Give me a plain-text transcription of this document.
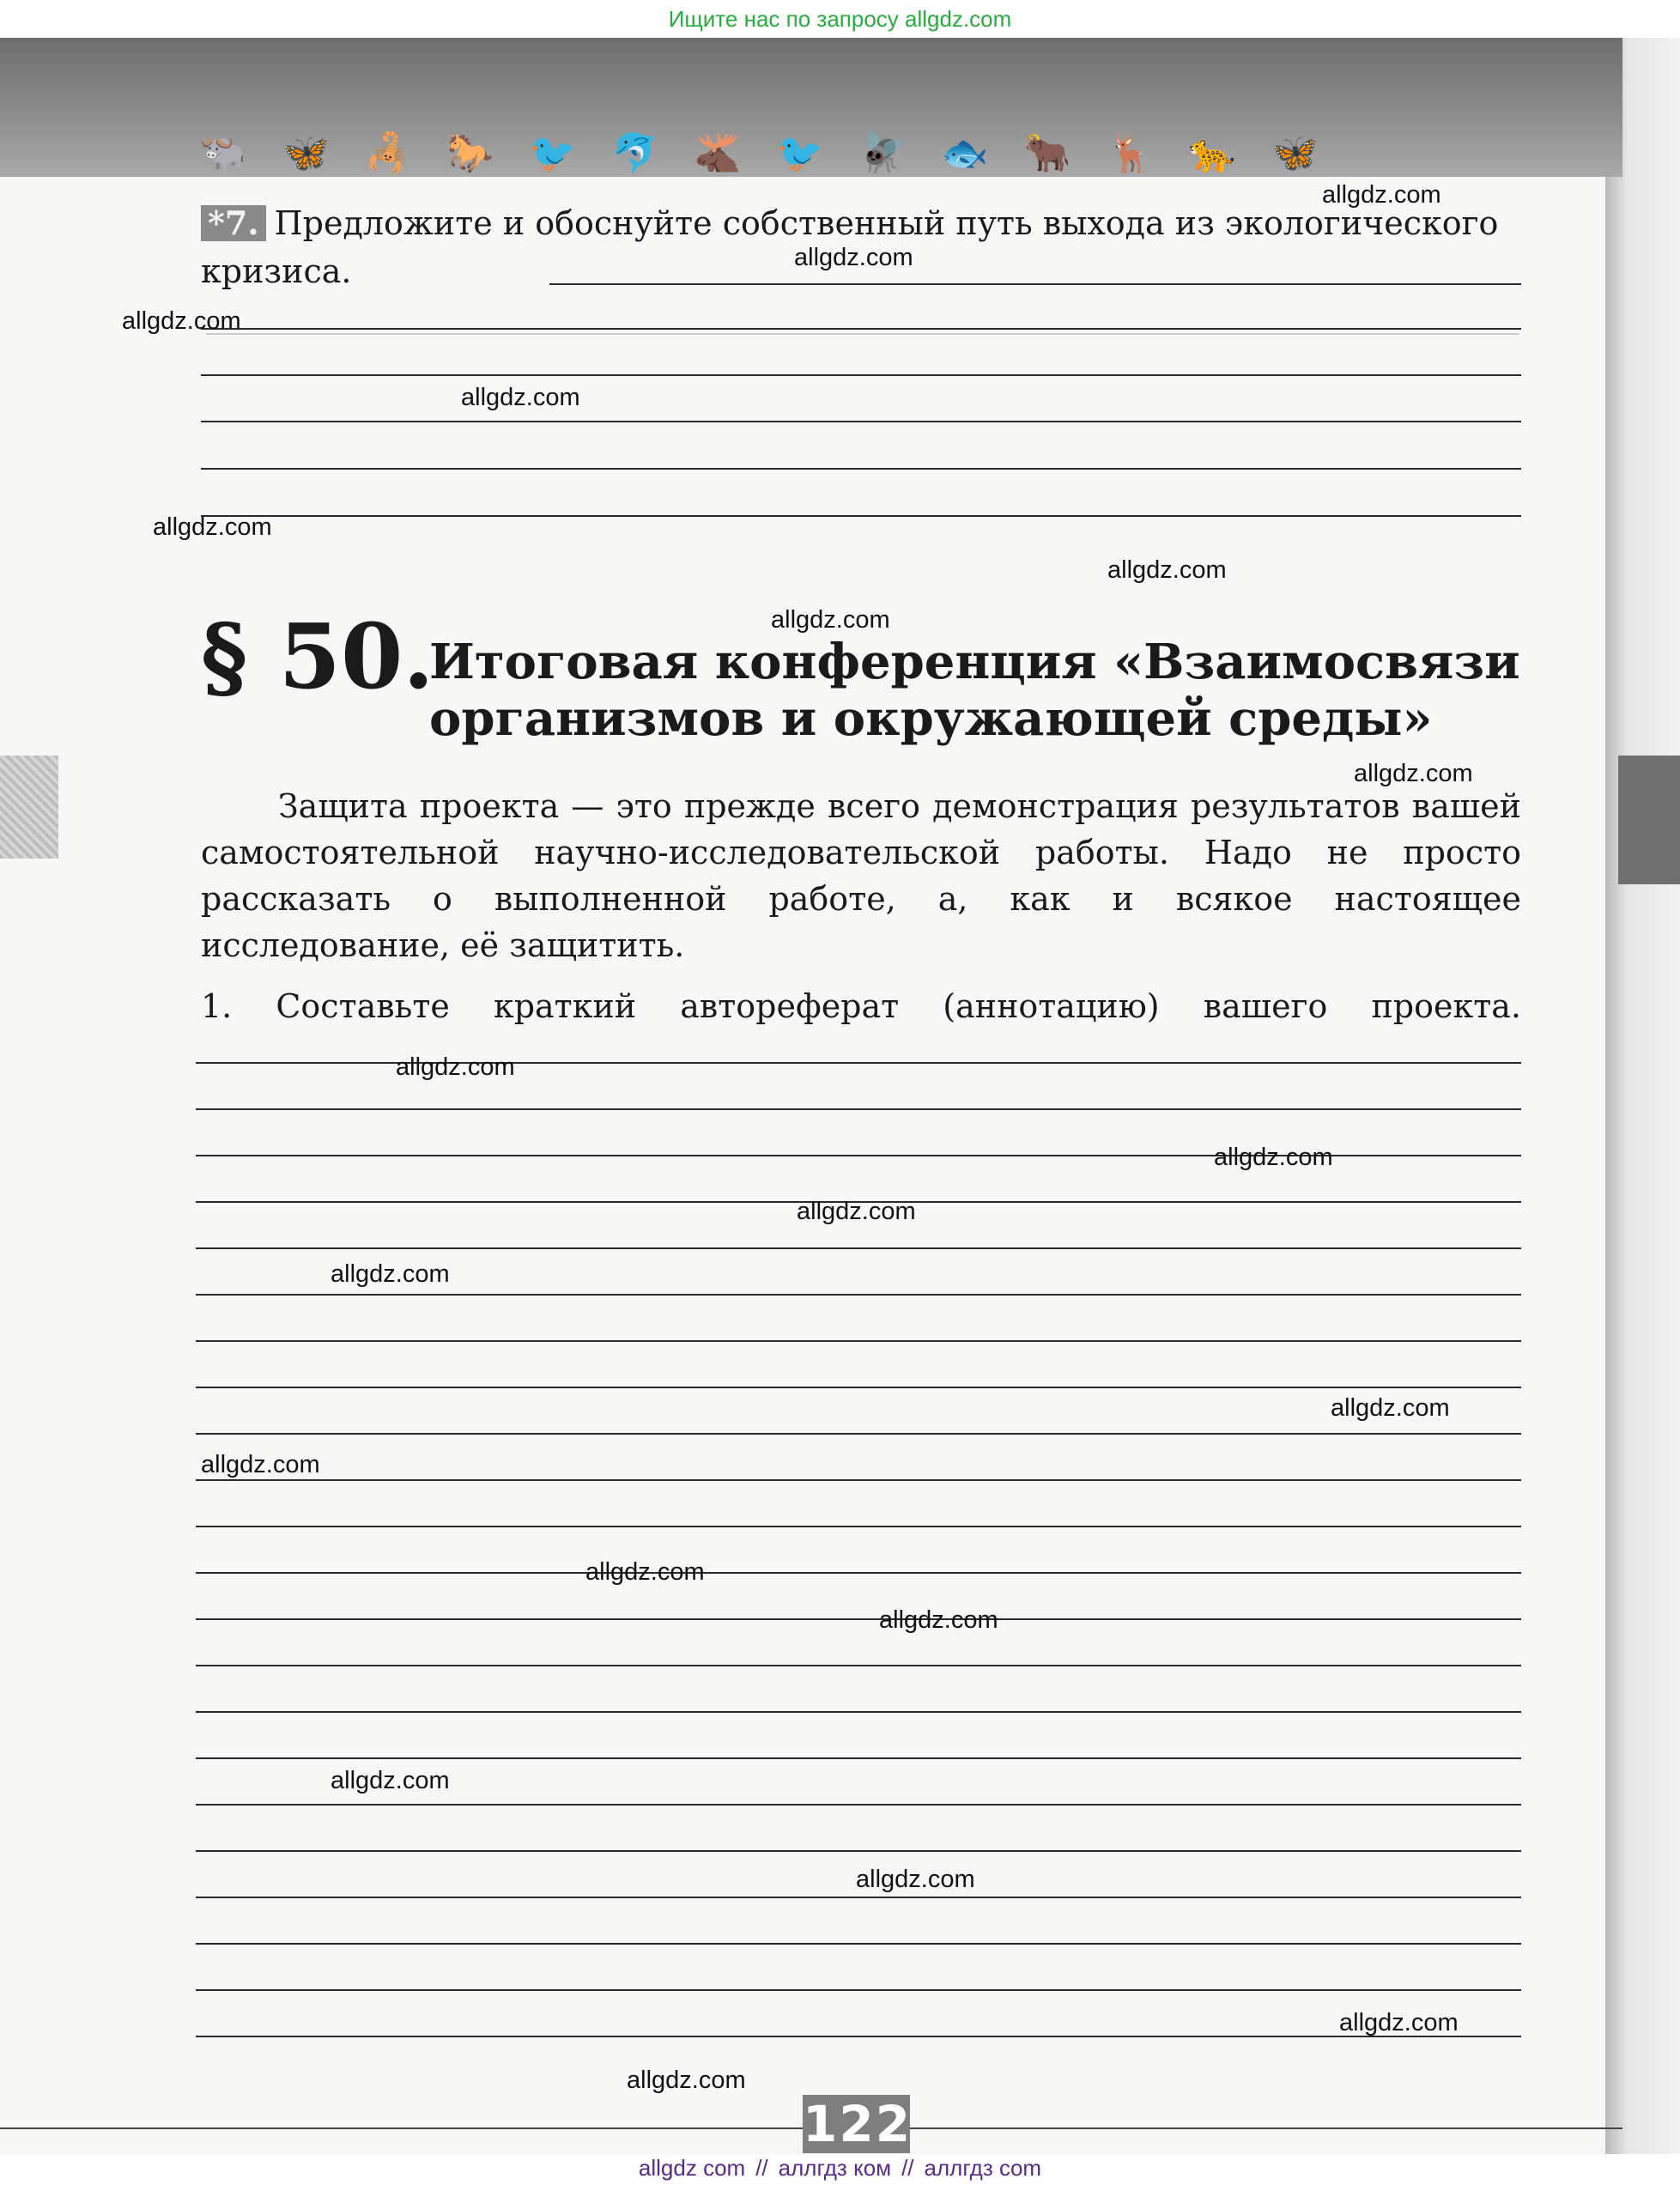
Ищите нас по запросу allgdz.com
🐃 🦋 🦂 🐎 🐦 🐬 🫎 🐦 🪰 🐟 🐂 🦌 🐆 🦋
*7. Предложите и обоснуйте собственный путь выхода из экологического кризиса.
§ 50.
Итоговая конференция «Взаимосвязи организмов и окружающей среды»
Защита проекта — это прежде всего демонстрация результатов вашей самостоятельной научно-исследовательской работы. Надо не просто рассказать о выполненной работе, а, как и всякое настоящее исследование, её защитить.
1. Составьте краткий автореферат (аннотацию) вашего проекта.
allgdz.com
allgdz.com
allgdz.com
allgdz.com
allgdz.com
allgdz.com
allgdz.com
allgdz.com
allgdz.com
allgdz.com
allgdz.com
allgdz.com
allgdz.com
allgdz.com
allgdz.com
allgdz.com
allgdz.com
allgdz.com
allgdz.com
allgdz.com
122
allgdz com // аллгдз ком // аллгдз com
